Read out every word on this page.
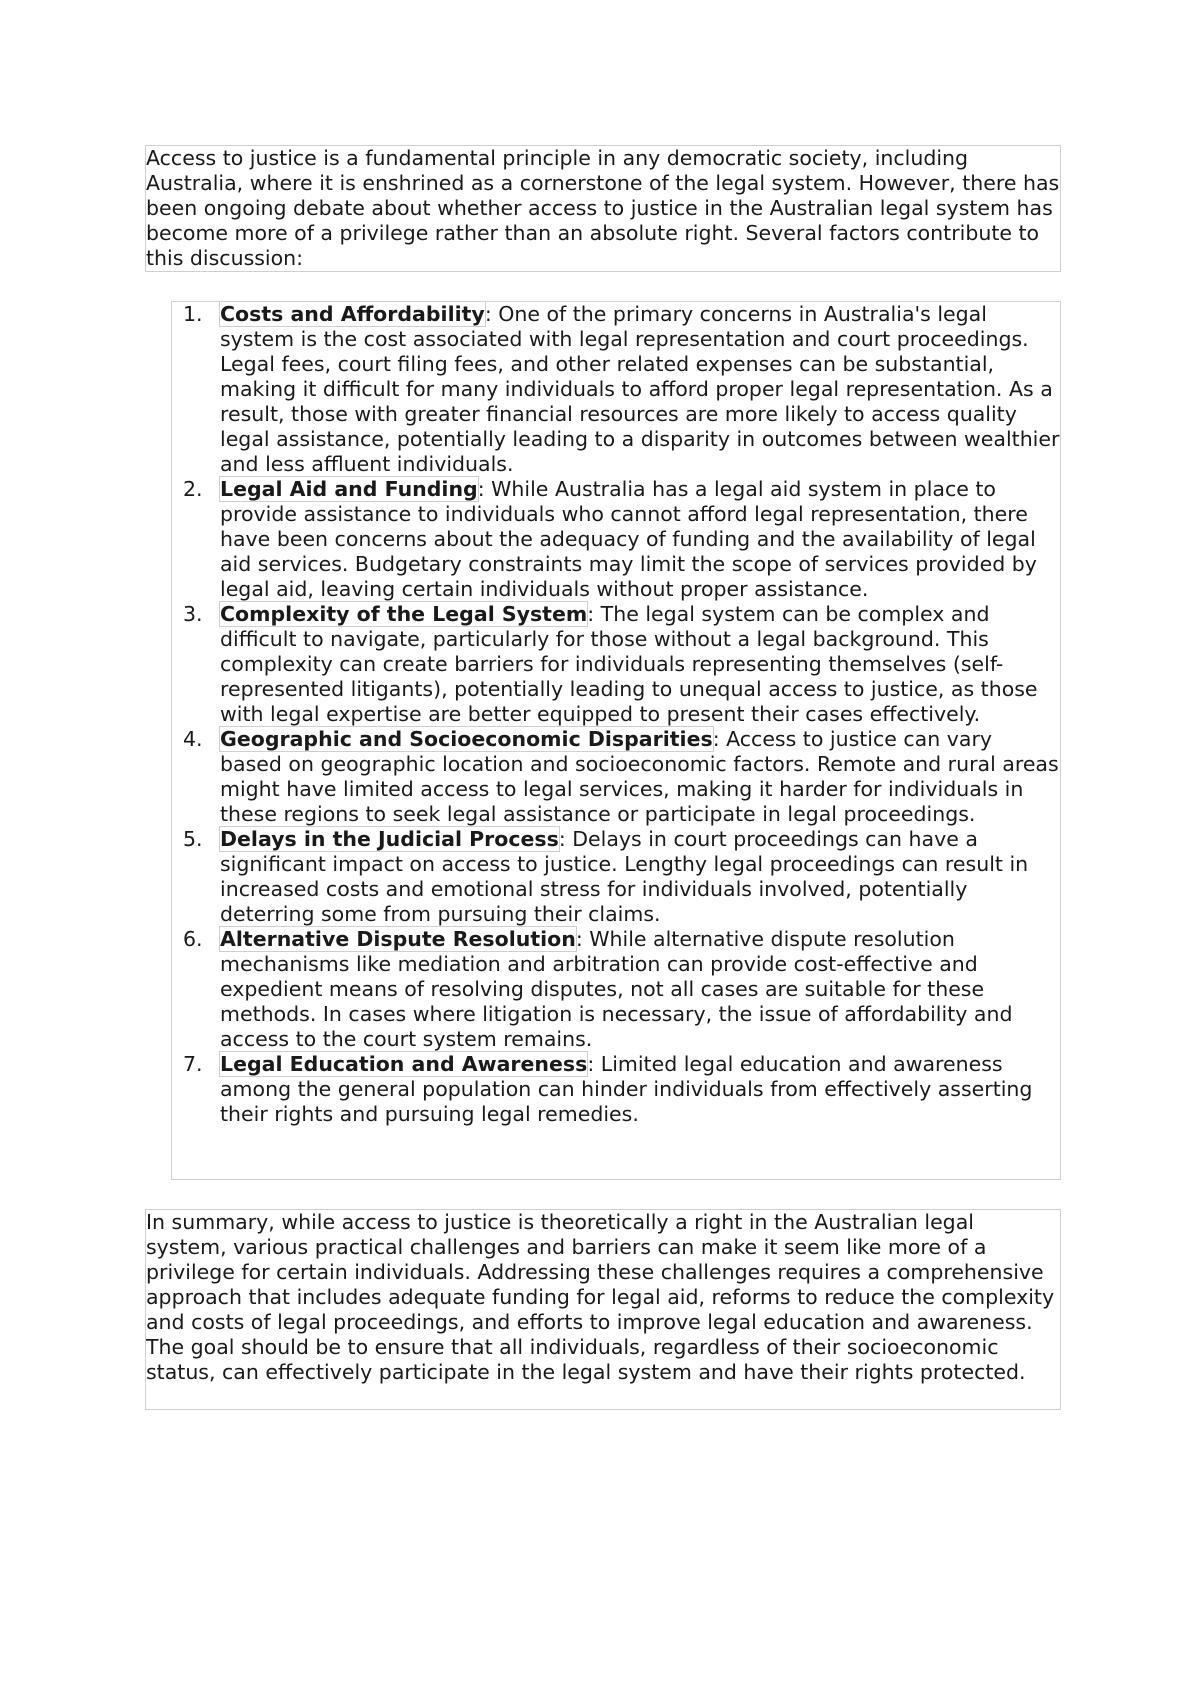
Access to justice is a fundamental principle in any democratic society, including Australia, where it is enshrined as a cornerstone of the legal system. However, there has been ongoing debate about whether access to justice in the Australian legal system has become more of a privilege rather than an absolute right. Several factors contribute to this discussion:

1. Costs and Affordability: One of the primary concerns in Australia's legal system is the cost associated with legal representation and court proceedings. Legal fees, court filing fees, and other related expenses can be substantial, making it difficult for many individuals to afford proper legal representation. As a result, those with greater financial resources are more likely to access quality legal assistance, potentially leading to a disparity in outcomes between wealthier and less affluent individuals.
2. Legal Aid and Funding: While Australia has a legal aid system in place to provide assistance to individuals who cannot afford legal representation, there have been concerns about the adequacy of funding and the availability of legal aid services. Budgetary constraints may limit the scope of services provided by legal aid, leaving certain individuals without proper assistance.
3. Complexity of the Legal System: The legal system can be complex and difficult to navigate, particularly for those without a legal background. This complexity can create barriers for individuals representing themselves (self-represented litigants), potentially leading to unequal access to justice, as those with legal expertise are better equipped to present their cases effectively.
4. Geographic and Socioeconomic Disparities: Access to justice can vary based on geographic location and socioeconomic factors. Remote and rural areas might have limited access to legal services, making it harder for individuals in these regions to seek legal assistance or participate in legal proceedings.
5. Delays in the Judicial Process: Delays in court proceedings can have a significant impact on access to justice. Lengthy legal proceedings can result in increased costs and emotional stress for individuals involved, potentially deterring some from pursuing their claims.
6. Alternative Dispute Resolution: While alternative dispute resolution mechanisms like mediation and arbitration can provide cost-effective and expedient means of resolving disputes, not all cases are suitable for these methods. In cases where litigation is necessary, the issue of affordability and access to the court system remains.
7. Legal Education and Awareness: Limited legal education and awareness among the general population can hinder individuals from effectively asserting their rights and pursuing legal remedies.

In summary, while access to justice is theoretically a right in the Australian legal system, various practical challenges and barriers can make it seem like more of a privilege for certain individuals. Addressing these challenges requires a comprehensive approach that includes adequate funding for legal aid, reforms to reduce the complexity and costs of legal proceedings, and efforts to improve legal education and awareness. The goal should be to ensure that all individuals, regardless of their socioeconomic status, can effectively participate in the legal system and have their rights protected.
